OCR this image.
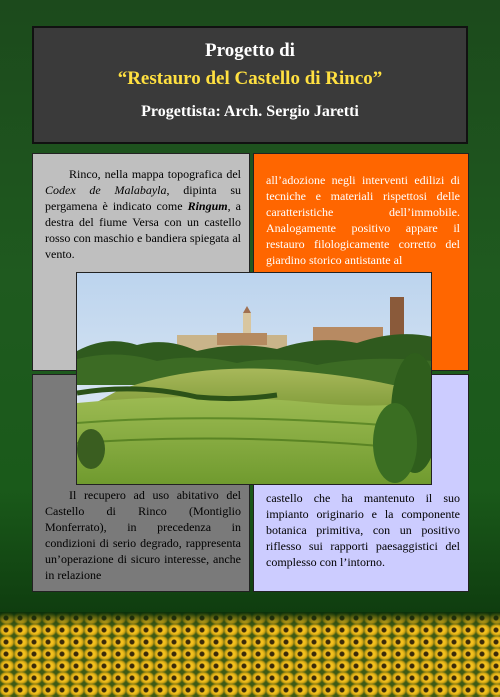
Progetto di
“Restauro del Castello di Rinco”
Progettista: Arch. Sergio Jaretti
Rinco, nella mappa topografica del Codex de Malabayla, dipinta su pergamena è indicato come Ringum, a destra del fiume Versa con un castello rosso con maschio e bandiera spiegata al vento.
all’adozione negli interventi edilizi di tecniche e materiali rispettosi delle caratteristiche dell’immobile. Analogamente positivo appare il restauro filologicamente corretto del giardino storico antistante al
Il recupero ad uso abitativo del Castello di Rinco (Montiglio Monferrato), in precedenza in condizioni di serio degrado, rappresenta un’operazione di sicuro interesse, anche in relazione
castello che ha mantenuto il suo impianto originario e la componente botanica primitiva, con un positivo riflesso sui rapporti paesaggistici del complesso con l’intorno.
